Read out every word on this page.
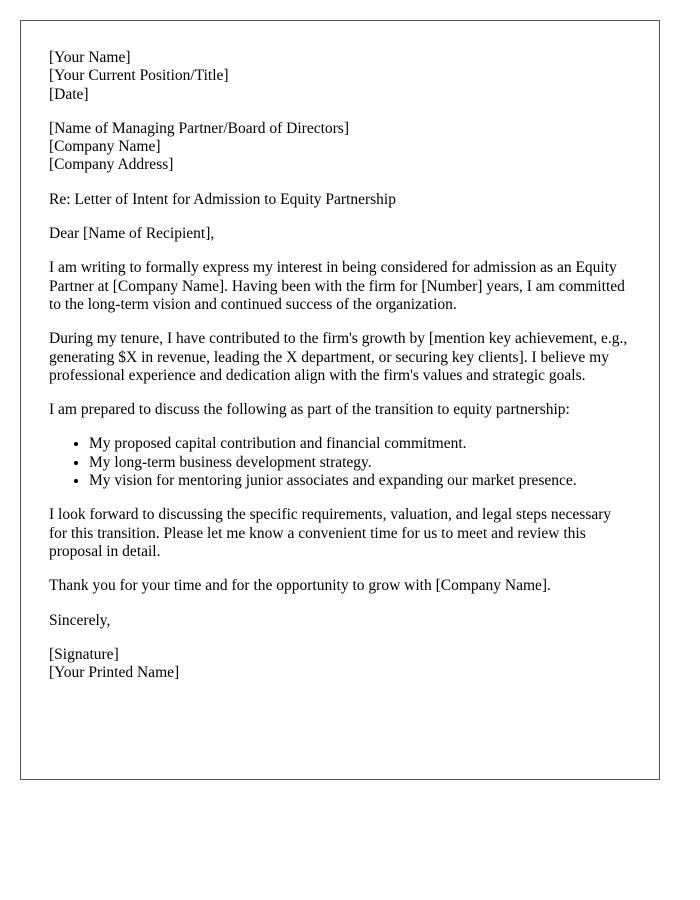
[Your Name]
[Your Current Position/Title]
[Date]
[Name of Managing Partner/Board of Directors]
[Company Name]
[Company Address]
Re: Letter of Intent for Admission to Equity Partnership
Dear [Name of Recipient],

I am writing to formally express my interest in being considered for admission as an Equity Partner at [Company Name]. Having been with the firm for [Number] years, I am committed to the long-term vision and continued success of the organization.

During my tenure, I have contributed to the firm's growth by [mention key achievement, e.g., generating $X in revenue, leading the X department, or securing key clients]. I believe my professional experience and dedication align with the firm's values and strategic goals.

I am prepared to discuss the following as part of the transition to equity partnership:

• My proposed capital contribution and financial commitment.
• My long-term business development strategy.
• My vision for mentoring junior associates and expanding our market presence.

I look forward to discussing the specific requirements, valuation, and legal steps necessary for this transition. Please let me know a convenient time for us to meet and review this proposal in detail.

Thank you for your time and for the opportunity to grow with [Company Name].

Sincerely,
[Signature]
[Your Printed Name]
